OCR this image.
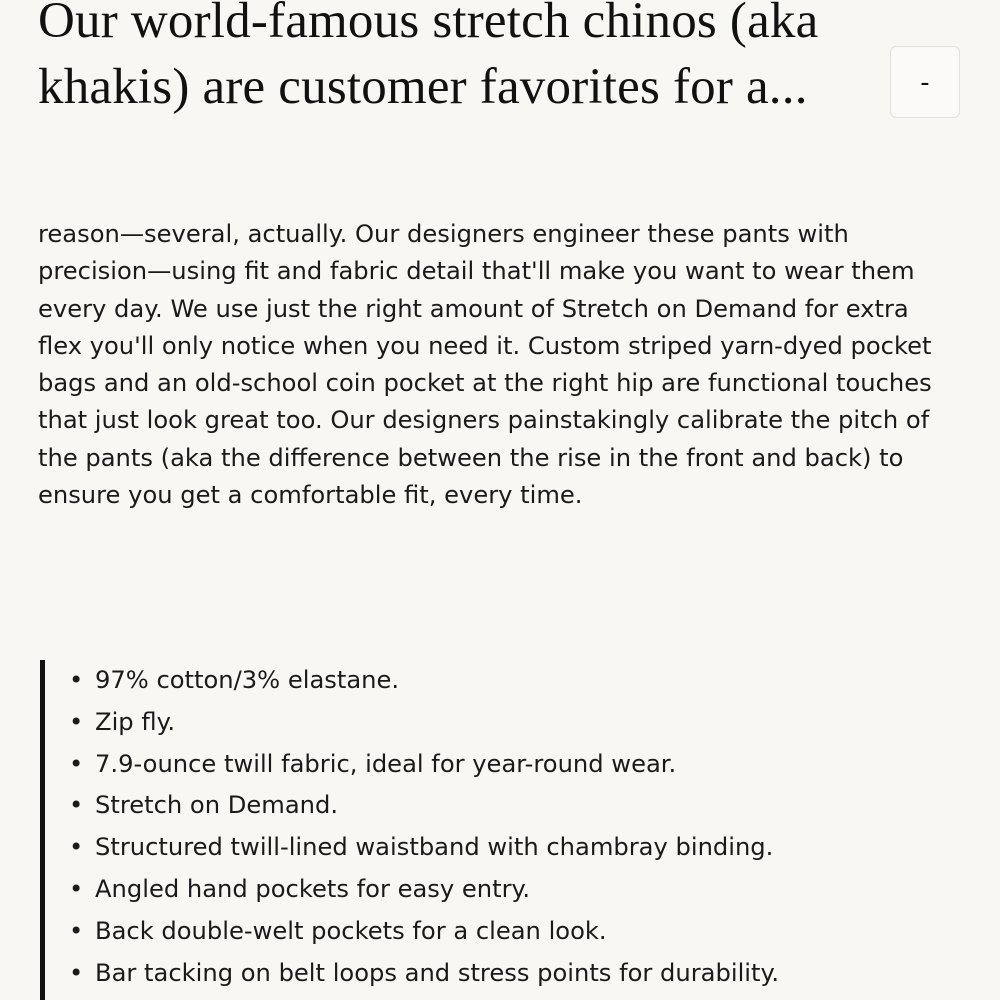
Our world-famous stretch chinos (aka khakis) are customer favorites for a...	-

reason—several, actually. Our designers engineer these pants with precision—using fit and fabric detail that'll make you want to wear them every day. We use just the right amount of Stretch on Demand for extra flex you'll only notice when you need it. Custom striped yarn-dyed pocket bags and an old-school coin pocket at the right hip are functional touches that just look great too. Our designers painstakingly calibrate the pitch of the pants (aka the difference between the rise in the front and back) to ensure you get a comfortable fit, every time.

• 97% cotton/3% elastane.
• Zip fly.
• 7.9-ounce twill fabric, ideal for year-round wear.
• Stretch on Demand.
• Structured twill-lined waistband with chambray binding.
• Angled hand pockets for easy entry.
• Back double-welt pockets for a clean look.
• Bar tacking on belt loops and stress points for durability.
